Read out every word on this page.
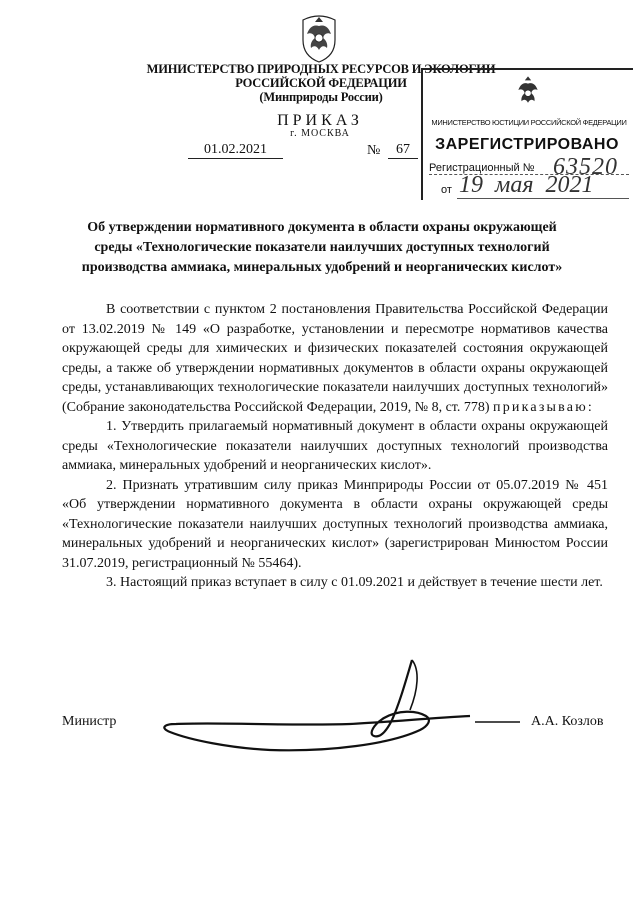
МИНИСТЕРСТВО ПРИРОДНЫХ РЕСУРСОВ И ЭКОЛОГИИ
РОССИЙСКОЙ ФЕДЕРАЦИИ
(Минприроды России)
ПРИКАЗ
г. МОСКВА
01.02.2021	№	67
МИНИСТЕРСТВО ЮСТИЦИИ РОССИЙСКОЙ ФЕДЕРАЦИИ
ЗАРЕГИСТРИРОВАНО
Регистрационный № 63520
от 19 мая 2021
Об утверждении нормативного документа в области охраны окружающей
среды «Технологические показатели наилучших доступных технологий
производства аммиака, минеральных удобрений и неорганических кислот»

В соответствии с пунктом 2 постановления Правительства Российской Федерации от 13.02.2019 № 149 «О разработке, установлении и пересмотре нормативов качества окружающей среды для химических и физических показателей состояния окружающей среды, а также об утверждении нормативных документов в области охраны окружающей среды, устанавливающих технологические показатели наилучших доступных технологий» (Собрание законодательства Российской Федерации, 2019, № 8, ст. 778) приказываю:

1. Утвердить прилагаемый нормативный документ в области охраны окружающей среды «Технологические показатели наилучших доступных технологий производства аммиака, минеральных удобрений и неорганических кислот».

2. Признать утратившим силу приказ Минприроды России от 05.07.2019 № 451 «Об утверждении нормативного документа в области охраны окружающей среды «Технологические показатели наилучших доступных технологий производства аммиака, минеральных удобрений и неорганических кислот» (зарегистрирован Минюстом России 31.07.2019, регистрационный № 55464).

3. Настоящий приказ вступает в силу с 01.09.2021 и действует в течение шести лет.

Министр	А.А. Козлов
